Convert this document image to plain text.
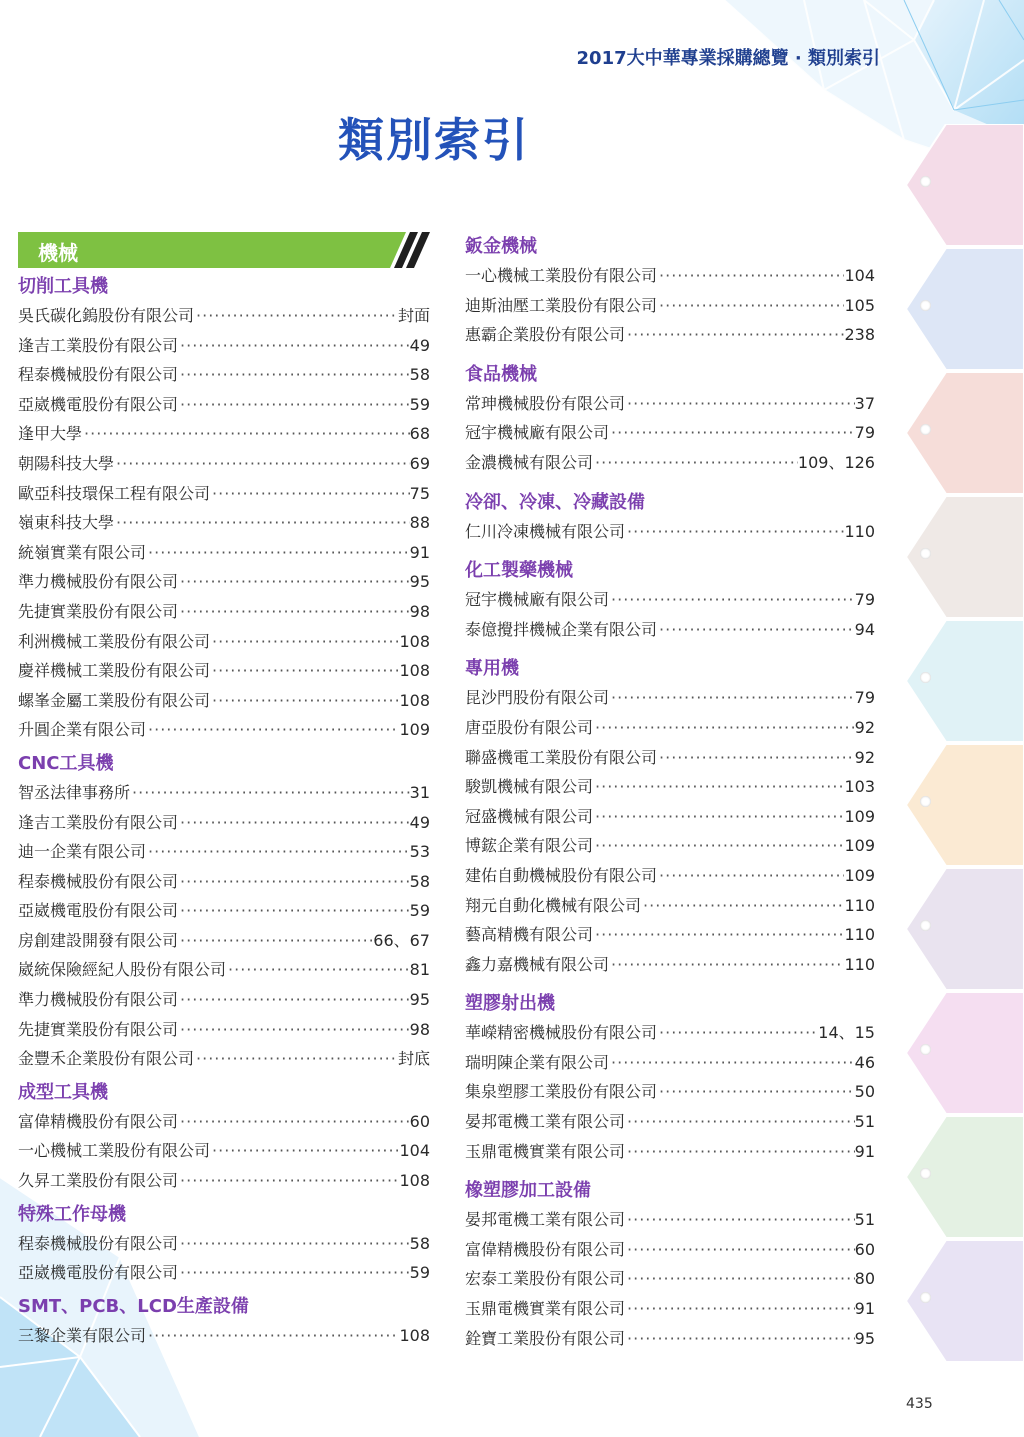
2017大中華專業採購總覽 · 類別索引
類別索引
機械
切削工具機
吳氏碳化鎢股份有限公司 ·····	封面
逢吉工業股份有限公司 ·····	49
程泰機械股份有限公司 ·····	58
亞崴機電股份有限公司 ·····	59
逢甲大學 ·····	68
朝陽科技大學 ·····	69
歐亞科技環保工程有限公司 ·····	75
嶺東科技大學 ·····	88
統嶺實業有限公司 ·····	91
準力機械股份有限公司 ·····	95
先捷實業股份有限公司 ·····	98
利洲機械工業股份有限公司 ·····	108
慶祥機械工業股份有限公司 ·····	108
螺峯金屬工業股份有限公司 ·····	108
升圓企業有限公司 ·····	109
CNC工具機
智丞法律事務所 ·····	31
逢吉工業股份有限公司 ·····	49
迪一企業有限公司 ·····	53
程泰機械股份有限公司 ·····	58
亞崴機電股份有限公司 ·····	59
房創建設開發有限公司 ·····	66、67
崴統保險經紀人股份有限公司 ·····	81
準力機械股份有限公司 ·····	95
先捷實業股份有限公司 ·····	98
金豐禾企業股份有限公司 ·····	封底
成型工具機
富偉精機股份有限公司 ·····	60
一心機械工業股份有限公司 ·····	104
久昇工業股份有限公司 ·····	108
特殊工作母機
程泰機械股份有限公司 ·····	58
亞崴機電股份有限公司 ·····	59
SMT、PCB、LCD生產設備
三黎企業有限公司 ·····	108
鈑金機械
一心機械工業股份有限公司 ·····	104
迪斯油壓工業股份有限公司 ·····	105
惠霸企業股份有限公司 ·····	238
食品機械
常珅機械股份有限公司 ·····	37
冠宇機械廠有限公司 ·····	79
金濃機械有限公司 ·····	109、126
冷卻、冷凍、冷藏設備
仁川冷凍機械有限公司 ·····	110
化工製藥機械
冠宇機械廠有限公司 ·····	79
泰億攪拌機械企業有限公司 ·····	94
專用機
昆沙門股份有限公司 ·····	79
唐亞股份有限公司 ·····	92
聯盛機電工業股份有限公司 ·····	92
駿凱機械有限公司 ·····	103
冠盛機械有限公司 ·····	109
博鋐企業有限公司 ·····	109
建佑自動機械股份有限公司 ·····	109
翔元自動化機械有限公司 ·····	110
藝高精機有限公司 ·····	110
鑫力嘉機械有限公司 ·····	110
塑膠射出機
華嶸精密機械股份有限公司 ·····	14、15
瑞明陳企業有限公司 ·····	46
集泉塑膠工業股份有限公司 ·····	50
晏邦電機工業有限公司 ·····	51
玉鼎電機實業有限公司 ·····	91
橡塑膠加工設備
晏邦電機工業有限公司 ·····	51
富偉精機股份有限公司 ·····	60
宏泰工業股份有限公司 ·····	80
玉鼎電機實業有限公司 ·····	91
銓寶工業股份有限公司 ·····	95
435
